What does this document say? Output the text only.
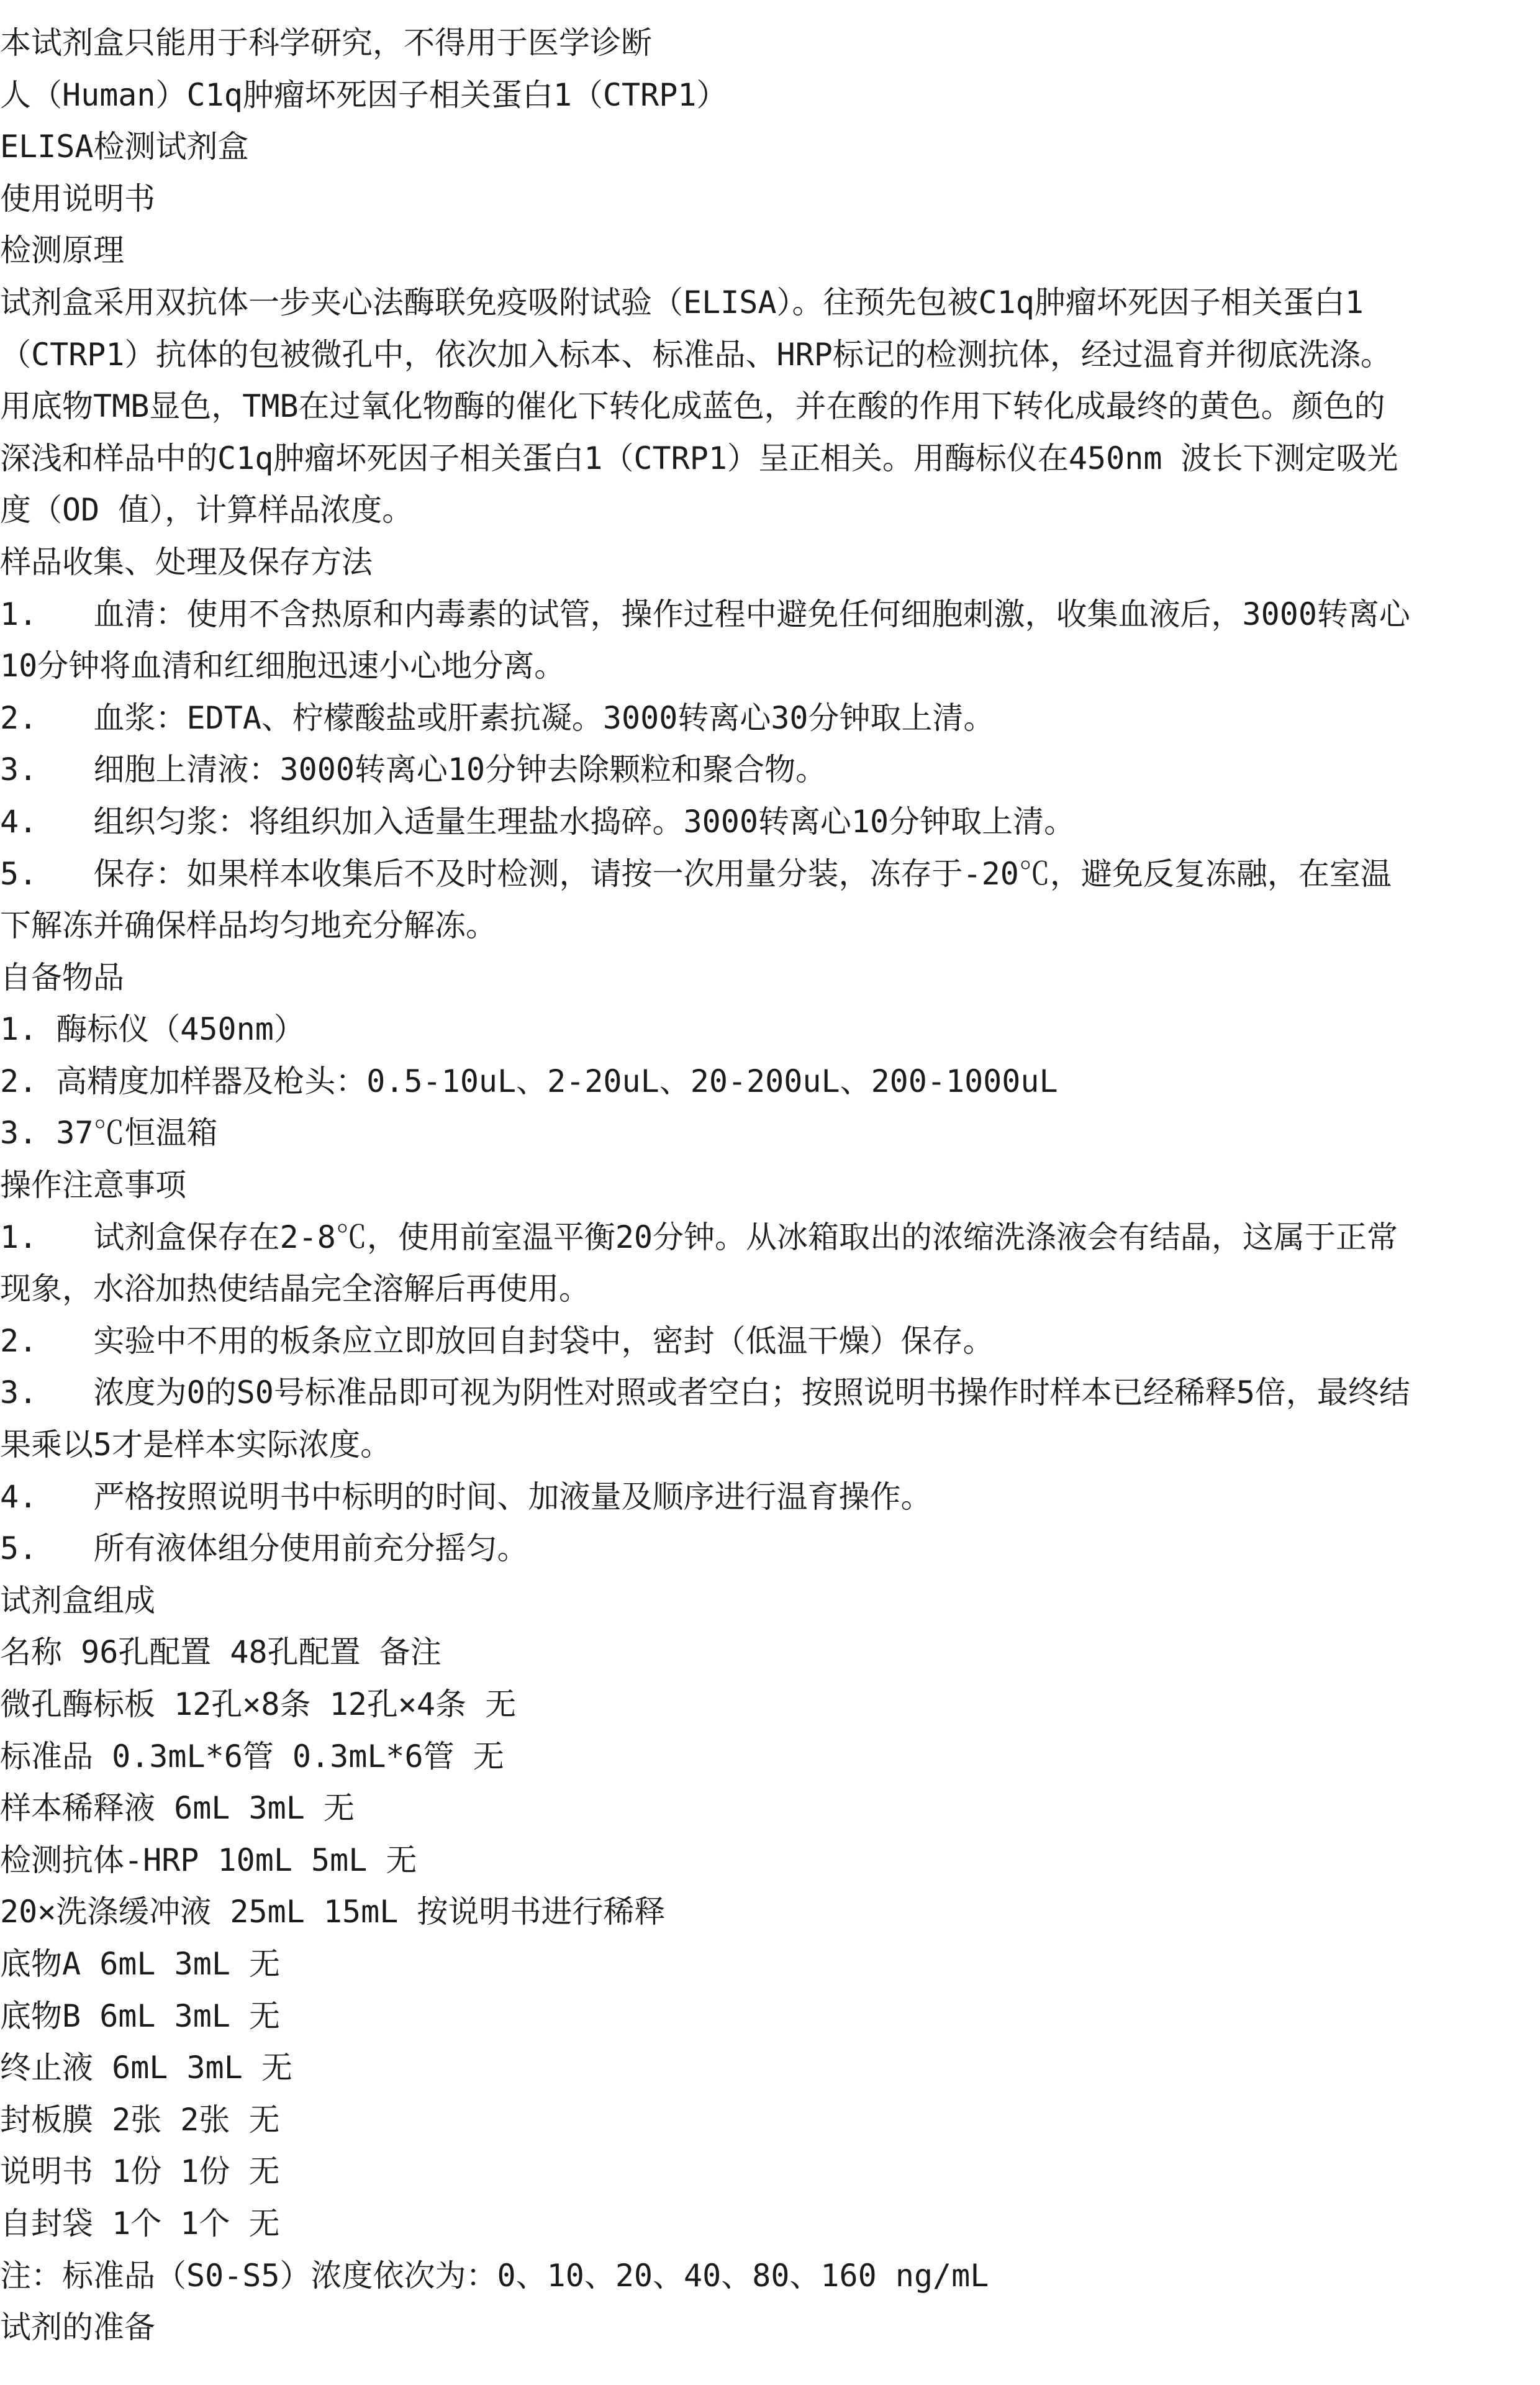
本试剂盒只能用于科学研究，不得用于医学诊断
人（Human）C1q肿瘤坏死因子相关蛋白1（CTRP1）
ELISA检测试剂盒
使用说明书
检测原理
试剂盒采用双抗体一步夹心法酶联免疫吸附试验（ELISA）。往预先包被C1q肿瘤坏死因子相关蛋白1
（CTRP1）抗体的包被微孔中，依次加入标本、标准品、HRP标记的检测抗体，经过温育并彻底洗涤。
用底物TMB显色，TMB在过氧化物酶的催化下转化成蓝色，并在酸的作用下转化成最终的黄色。颜色的
深浅和样品中的C1q肿瘤坏死因子相关蛋白1（CTRP1）呈正相关。用酶标仪在450nm 波长下测定吸光
度（OD 值），计算样品浓度。
样品收集、处理及保存方法
1.   血清：使用不含热原和内毒素的试管，操作过程中避免任何细胞刺激，收集血液后，3000转离心
10分钟将血清和红细胞迅速小心地分离。
2.   血浆：EDTA、柠檬酸盐或肝素抗凝。3000转离心30分钟取上清。
3.   细胞上清液：3000转离心10分钟去除颗粒和聚合物。
4.   组织匀浆：将组织加入适量生理盐水捣碎。3000转离心10分钟取上清。
5.   保存：如果样本收集后不及时检测，请按一次用量分装，冻存于-20℃，避免反复冻融，在室温
下解冻并确保样品均匀地充分解冻。
自备物品
1. 酶标仪（450nm）
2. 高精度加样器及枪头：0.5-10uL、2-20uL、20-200uL、200-1000uL
3. 37℃恒温箱
操作注意事项
1.   试剂盒保存在2-8℃，使用前室温平衡20分钟。从冰箱取出的浓缩洗涤液会有结晶，这属于正常
现象，水浴加热使结晶完全溶解后再使用。
2.   实验中不用的板条应立即放回自封袋中，密封（低温干燥）保存。
3.   浓度为0的S0号标准品即可视为阴性对照或者空白；按照说明书操作时样本已经稀释5倍，最终结
果乘以5才是样本实际浓度。
4.   严格按照说明书中标明的时间、加液量及顺序进行温育操作。
5.   所有液体组分使用前充分摇匀。
试剂盒组成
名称 96孔配置 48孔配置 备注
微孔酶标板 12孔×8条 12孔×4条 无
标准品 0.3mL*6管 0.3mL*6管 无
样本稀释液 6mL 3mL 无
检测抗体-HRP 10mL 5mL 无
20×洗涤缓冲液 25mL 15mL 按说明书进行稀释
底物A 6mL 3mL 无
底物B 6mL 3mL 无
终止液 6mL 3mL 无
封板膜 2张 2张 无
说明书 1份 1份 无
自封袋 1个 1个 无
注：标准品（S0-S5）浓度依次为：0、10、20、40、80、160 ng/mL
试剂的准备
